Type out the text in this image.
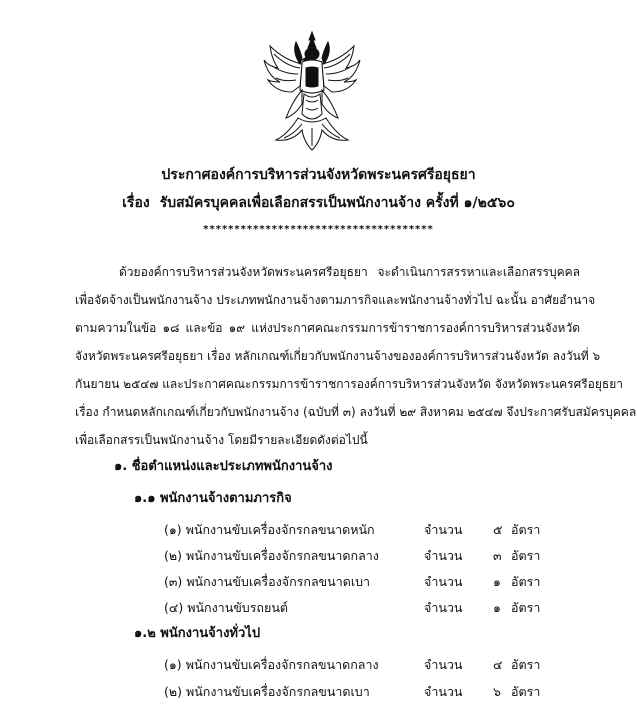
ประกาศองค์การบริหารส่วนจังหวัดพระนครศรีอยุธยา
เรื่อง รับสมัครบุคคลเพื่อเลือกสรรเป็นพนักงานจ้าง ครั้งที่ ๑/๒๕๖๐
*************************************
ด้วยองค์การบริหารส่วนจังหวัดพระนครศรีอยุธยา จะดำเนินการสรรหาและเลือกสรรบุคคล
เพื่อจัดจ้างเป็นพนักงานจ้าง ประเภทพนักงานจ้างตามภารกิจและพนักงานจ้างทั่วไป ฉะนั้น อาศัยอำนาจ
ตามความในข้อ ๑๘ และข้อ ๑๙ แห่งประกาศคณะกรรมการข้าราชการองค์การบริหารส่วนจังหวัด
จังหวัดพระนครศรีอยุธยา เรื่อง หลักเกณฑ์เกี่ยวกับพนักงานจ้างขององค์การบริหารส่วนจังหวัด ลงวันที่ ๖
กันยายน ๒๕๔๗ และประกาศคณะกรรมการข้าราชการองค์การบริหารส่วนจังหวัด จังหวัดพระนครศรีอยุธยา
เรื่อง กำหนดหลักเกณฑ์เกี่ยวกับพนักงานจ้าง (ฉบับที่ ๓) ลงวันที่ ๒๙ สิงหาคม ๒๕๔๗ จึงประกาศรับสมัครบุคคล
เพื่อเลือกสรรเป็นพนักงานจ้าง โดยมีรายละเอียดดังต่อไปนี้
๑. ชื่อตำแหน่งและประเภทพนักงานจ้าง
๑.๑ พนักงานจ้างตามภารกิจ
(๑) พนักงานขับเครื่องจักรกลขนาดหนัก	จำนวน ๕ อัตรา
(๒) พนักงานขับเครื่องจักรกลขนาดกลาง	จำนวน ๓ อัตรา
(๓) พนักงานขับเครื่องจักรกลขนาดเบา	จำนวน ๑ อัตรา
(๔) พนักงานขับรถยนต์	จำนวน ๑ อัตรา
๑.๒ พนักงานจ้างทั่วไป
(๑) พนักงานขับเครื่องจักรกลขนาดกลาง	จำนวน ๔ อัตรา
(๒) พนักงานขับเครื่องจักรกลขนาดเบา	จำนวน ๖ อัตรา
